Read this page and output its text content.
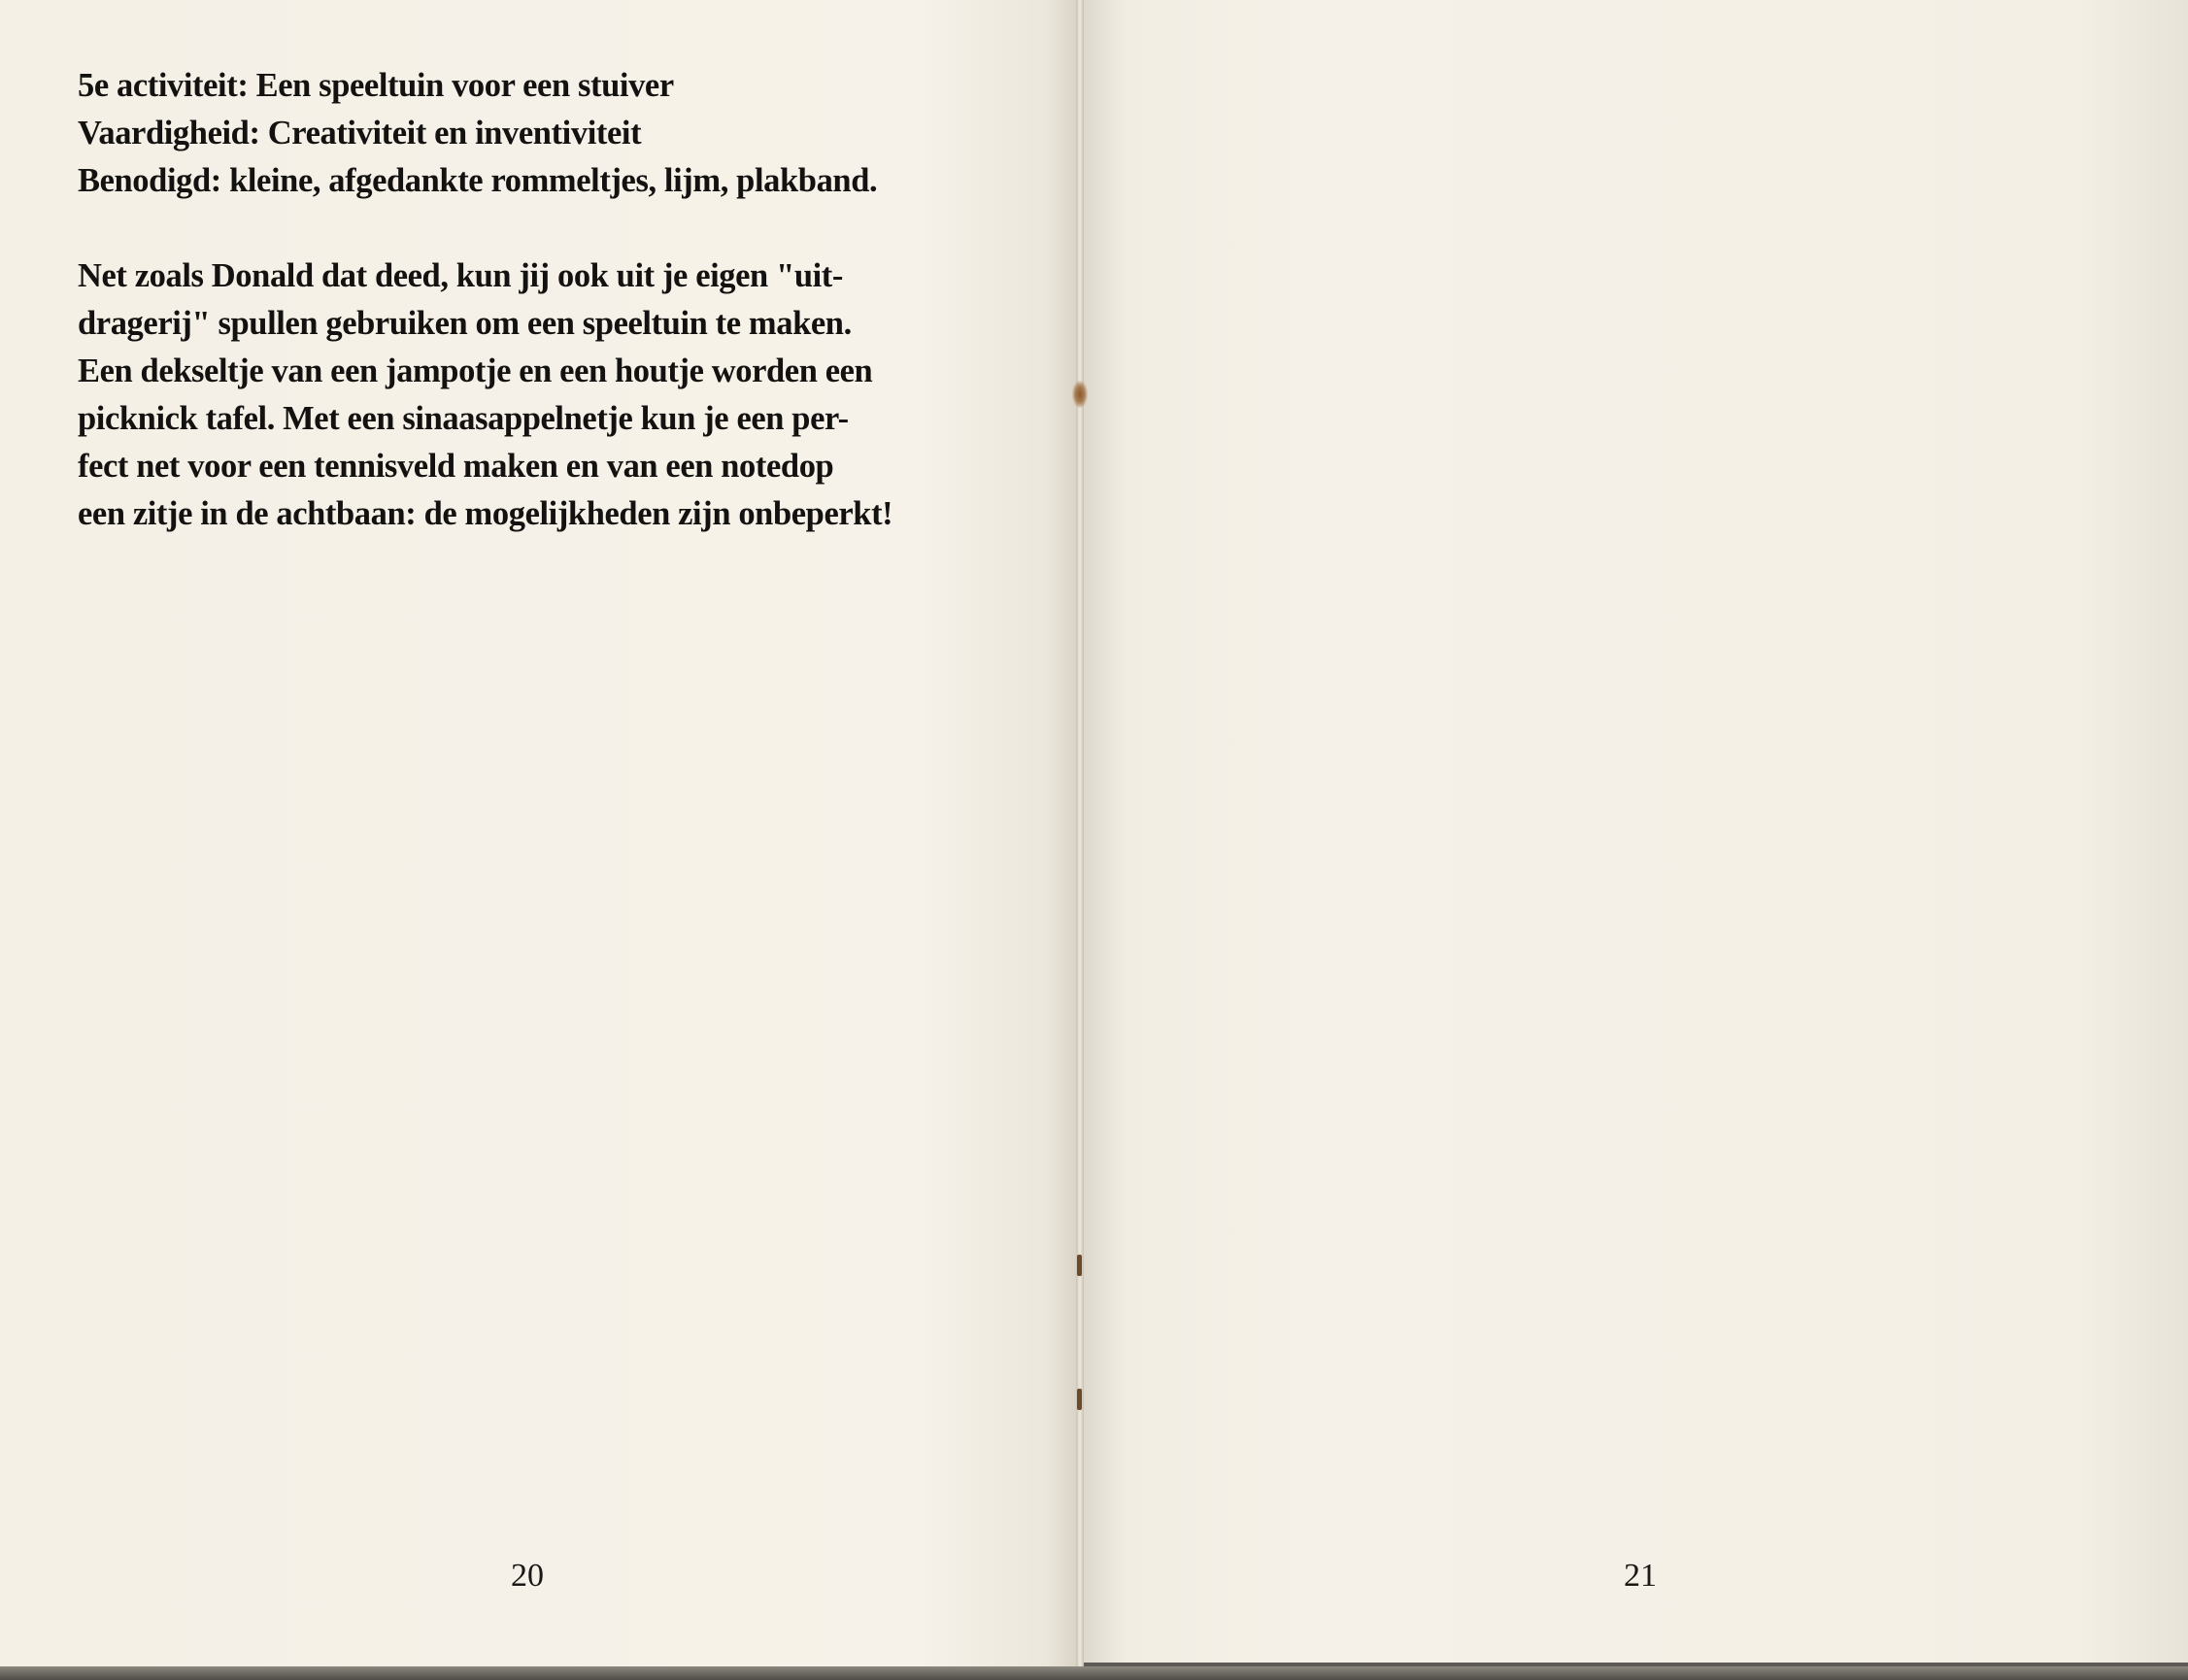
5e activiteit: Een speeltuin voor een stuiver
Vaardigheid: Creativiteit en inventiviteit
Benodigd: kleine, afgedankte rommeltjes, lijm, plakband.
Net zoals Donald dat deed, kun jij ook uit je eigen "uit-
dragerij" spullen gebruiken om een speeltuin te maken.
Een dekseltje van een jampotje en een houtje worden een
picknick tafel. Met een sinaasappelnetje kun je een per-
fect net voor een tennisveld maken en van een notedop
een zitje in de achtbaan: de mogelijkheden zijn onbeperkt!
20	21
